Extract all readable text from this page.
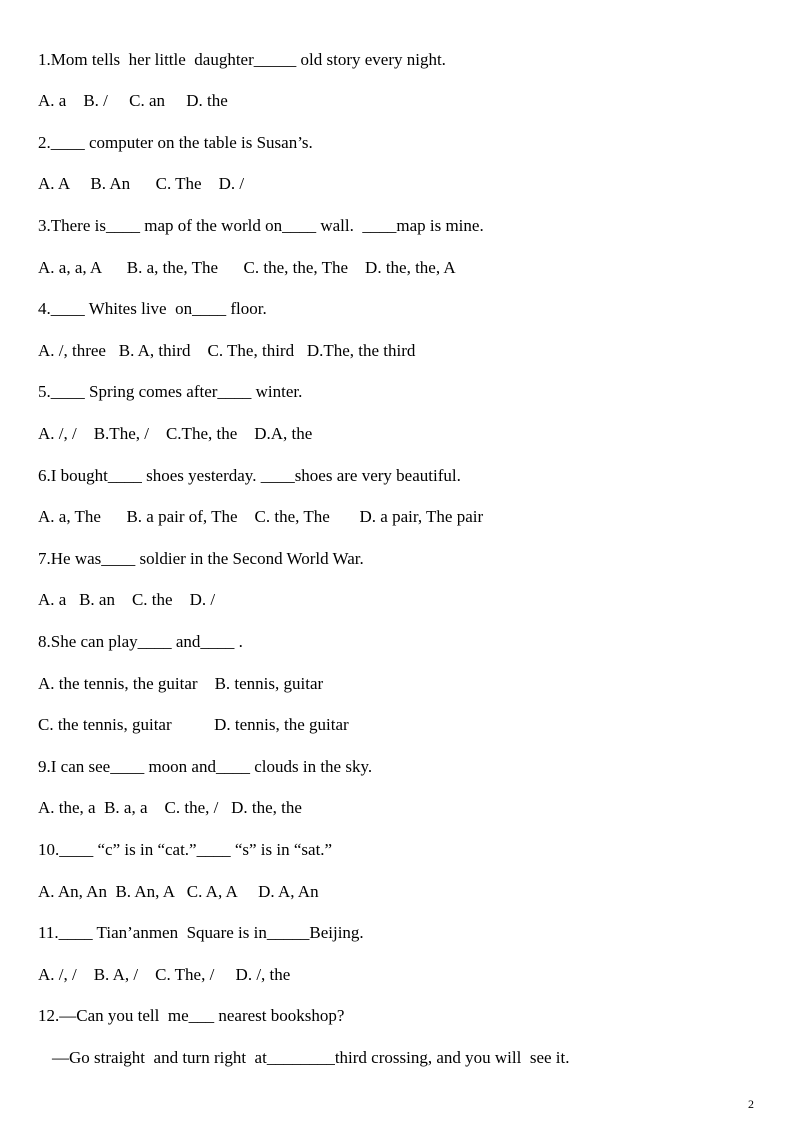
1.Mom tells  her little  daughter_____ old story every night.
A. a    B. /     C. an     D. the
2.____ computer on the table is Susan’s.
A. A     B. An      C. The    D. /
3.There is____ map of the world on____ wall.  ____map is mine.
A. a, a, A      B. a, the, The      C. the, the, The    D. the, the, A
4.____ Whites live  on____ floor.
A. /, three   B. A, third    C. The, third   D.The, the third
5.____ Spring comes after____ winter.
A. /, /    B.The, /    C.The, the    D.A, the
6.I bought____ shoes yesterday. ____shoes are very beautiful.
A. a, The      B. a pair of, The    C. the, The       D. a pair, The pair
7.He was____ soldier in the Second World War.
A. a   B. an    C. the    D. /
8.She can play____ and____ .
A. the tennis, the guitar    B. tennis, guitar
C. the tennis, guitar          D. tennis, the guitar
9.I can see____ moon and____ clouds in the sky.
A. the, a  B. a, a    C. the, /   D. the, the
10.____ “c” is in “cat.”____ “s” is in “sat.”
A. An, An  B. An, A   C. A, A     D. A, An
11.____ Tian’anmen  Square is in_____Beijing.
A. /, /    B. A, /    C. The, /     D. /, the
12.—Can you tell  me___ nearest bookshop?
—Go straight  and turn right  at________third crossing, and you will  see it.
2
